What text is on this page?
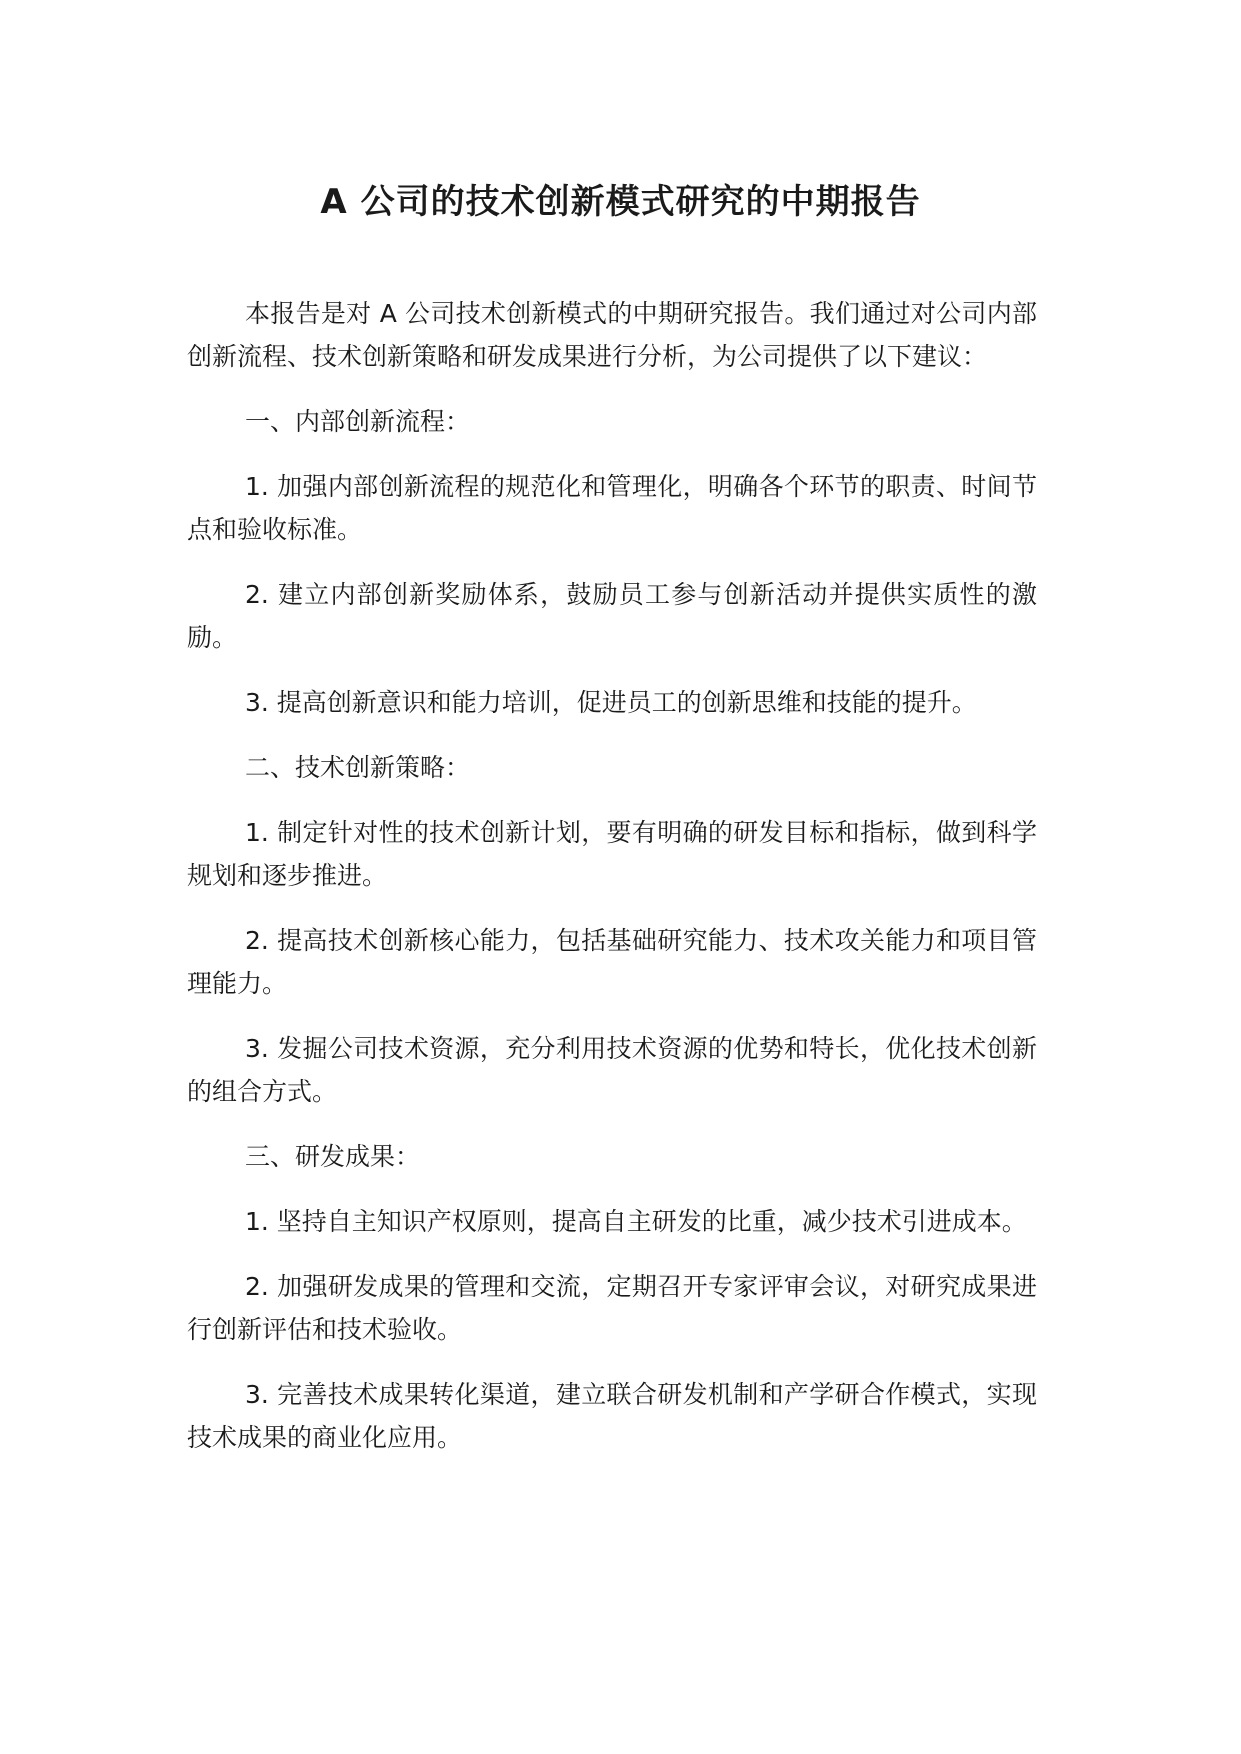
A 公司的技术创新模式研究的中期报告

本报告是对 A 公司技术创新模式的中期研究报告。我们通过对公司内部创新流程、技术创新策略和研发成果进行分析，为公司提供了以下建议：

一、内部创新流程：

1. 加强内部创新流程的规范化和管理化，明确各个环节的职责、时间节点和验收标准。

2. 建立内部创新奖励体系，鼓励员工参与创新活动并提供实质性的激励。

3. 提高创新意识和能力培训，促进员工的创新思维和技能的提升。

二、技术创新策略：

1. 制定针对性的技术创新计划，要有明确的研发目标和指标，做到科学规划和逐步推进。

2. 提高技术创新核心能力，包括基础研究能力、技术攻关能力和项目管理能力。

3. 发掘公司技术资源，充分利用技术资源的优势和特长，优化技术创新的组合方式。

三、研发成果：

1. 坚持自主知识产权原则，提高自主研发的比重，减少技术引进成本。

2. 加强研发成果的管理和交流，定期召开专家评审会议，对研究成果进行创新评估和技术验收。

3. 完善技术成果转化渠道，建立联合研发机制和产学研合作模式，实现技术成果的商业化应用。
